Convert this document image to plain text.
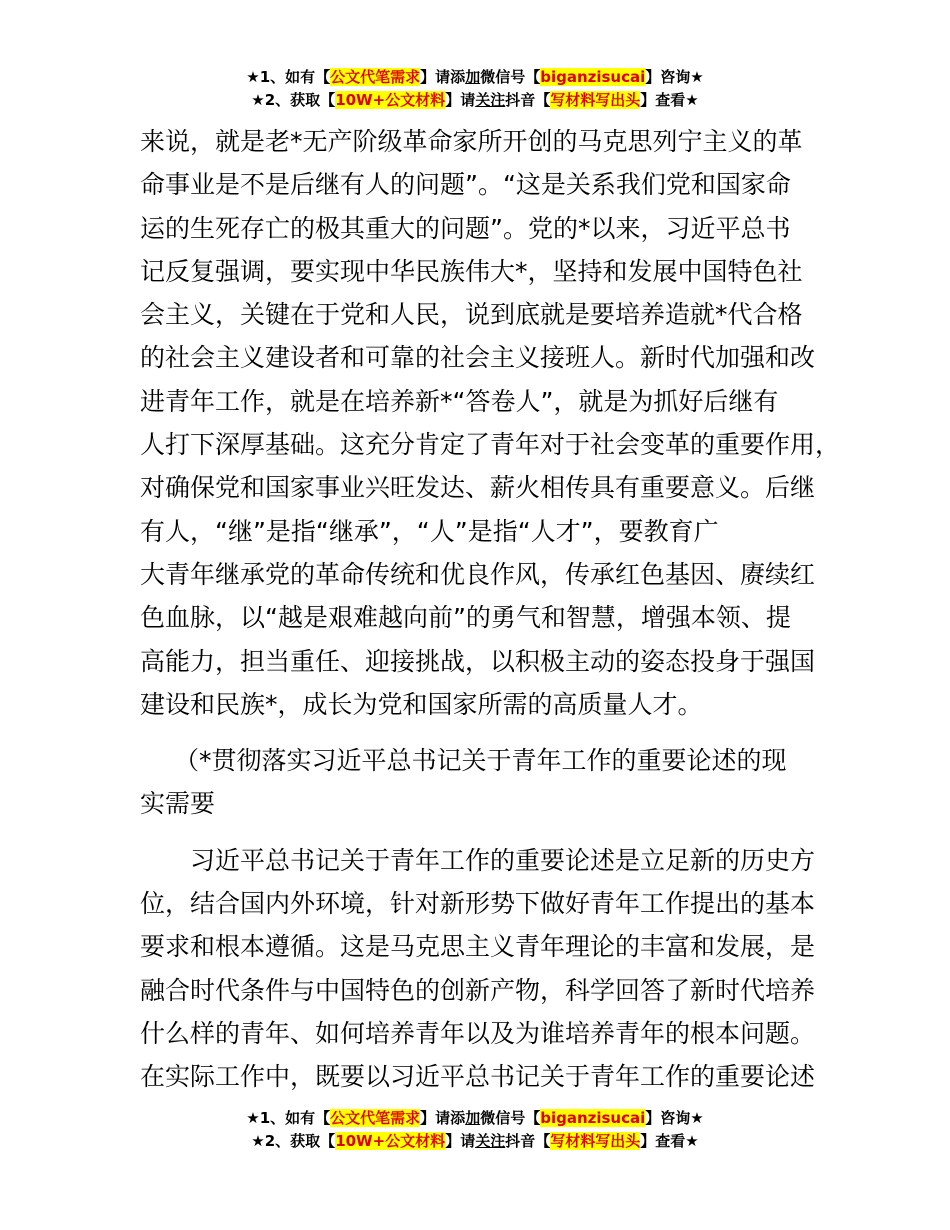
★1、如有【公文代笔需求】请添加微信号【biganzisucai】咨询★
★2、获取【10W+公文材料】请关注抖音【写材料写出头】查看★

来说，就是老*无产阶级革命家所开创的马克思列宁主义的革

命事业是不是后继有人的问题”。“这是关系我们党和国家命

运的生死存亡的极其重大的问题”。党的*以来，习近平总书

记反复强调，要实现中华民族伟大*，坚持和发展中国特色社

会主义，关键在于党和人民，说到底就是要培养造就*代合格

的社会主义建设者和可靠的社会主义接班人。新时代加强和改

进青年工作，就是在培养新*“答卷人”，就是为抓好后继有

人打下深厚基础。这充分肯定了青年对于社会变革的重要作用，

对确保党和国家事业兴旺发达、薪火相传具有重要意义。后继

有人，“继”是指“继承”，“人”是指“人才”，要教育广

大青年继承党的革命传统和优良作风，传承红色基因、赓续红

色血脉，以“越是艰难越向前”的勇气和智慧，增强本领、提

高能力，担当重任、迎接挑战，以积极主动的姿态投身于强国

建设和民族*，成长为党和国家所需的高质量人才。

（*贯彻落实习近平总书记关于青年工作的重要论述的现

实需要

习近平总书记关于青年工作的重要论述是立足新的历史方

位，结合国内外环境，针对新形势下做好青年工作提出的基本

要求和根本遵循。这是马克思主义青年理论的丰富和发展，是

融合时代条件与中国特色的创新产物，科学回答了新时代培养

什么样的青年、如何培养青年以及为谁培养青年的根本问题。

在实际工作中，既要以习近平总书记关于青年工作的重要论述

★1、如有【公文代笔需求】请添加微信号【biganzisucai】咨询★
★2、获取【10W+公文材料】请关注抖音【写材料写出头】查看★
